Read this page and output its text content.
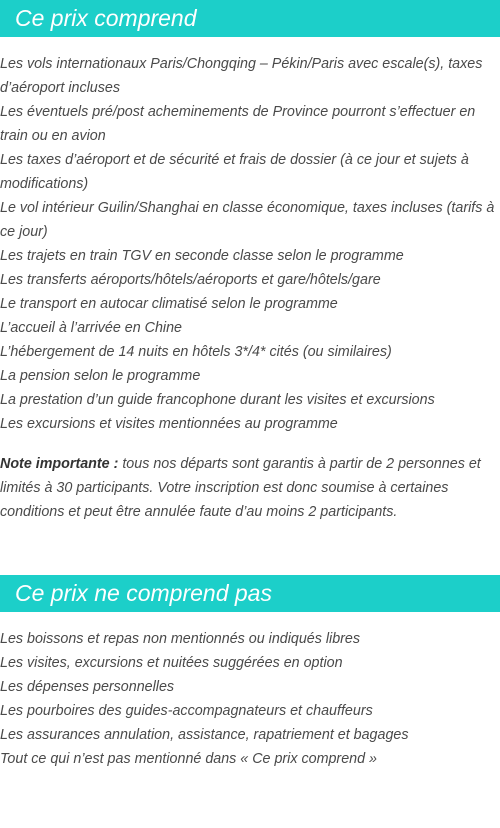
Ce prix comprend
Les vols internationaux Paris/Chongqing – Pékin/Paris avec escale(s), taxes d’aéroport incluses
Les éventuels pré/post acheminements de Province pourront s’effectuer en train ou en avion
Les taxes d’aéroport et de sécurité et frais de dossier (à ce jour et sujets à modifications)
Le vol intérieur Guilin/Shanghai en classe économique, taxes incluses (tarifs à ce jour)
Les trajets en train TGV en seconde classe selon le programme
Les transferts aéroports/hôtels/aéroports et gare/hôtels/gare
Le transport en autocar climatisé selon le programme
L’accueil à l’arrivée en Chine
L’hébergement de 14 nuits en hôtels 3*/4* cités (ou similaires)
La pension selon le programme
La prestation d’un guide francophone durant les visites et excursions
Les excursions et visites mentionnées au programme

Note importante : tous nos départs sont garantis à partir de 2 personnes et limités à 30 participants. Votre inscription est donc soumise à certaines conditions et peut être annulée faute d’au moins 2 participants.

Ce prix ne comprend pas
Les boissons et repas non mentionnés ou indiqués libres
Les visites, excursions et nuitées suggérées en option
Les dépenses personnelles
Les pourboires des guides-accompagnateurs et chauffeurs
Les assurances annulation, assistance, rapatriement et bagages
Tout ce qui n’est pas mentionné dans « Ce prix comprend »
